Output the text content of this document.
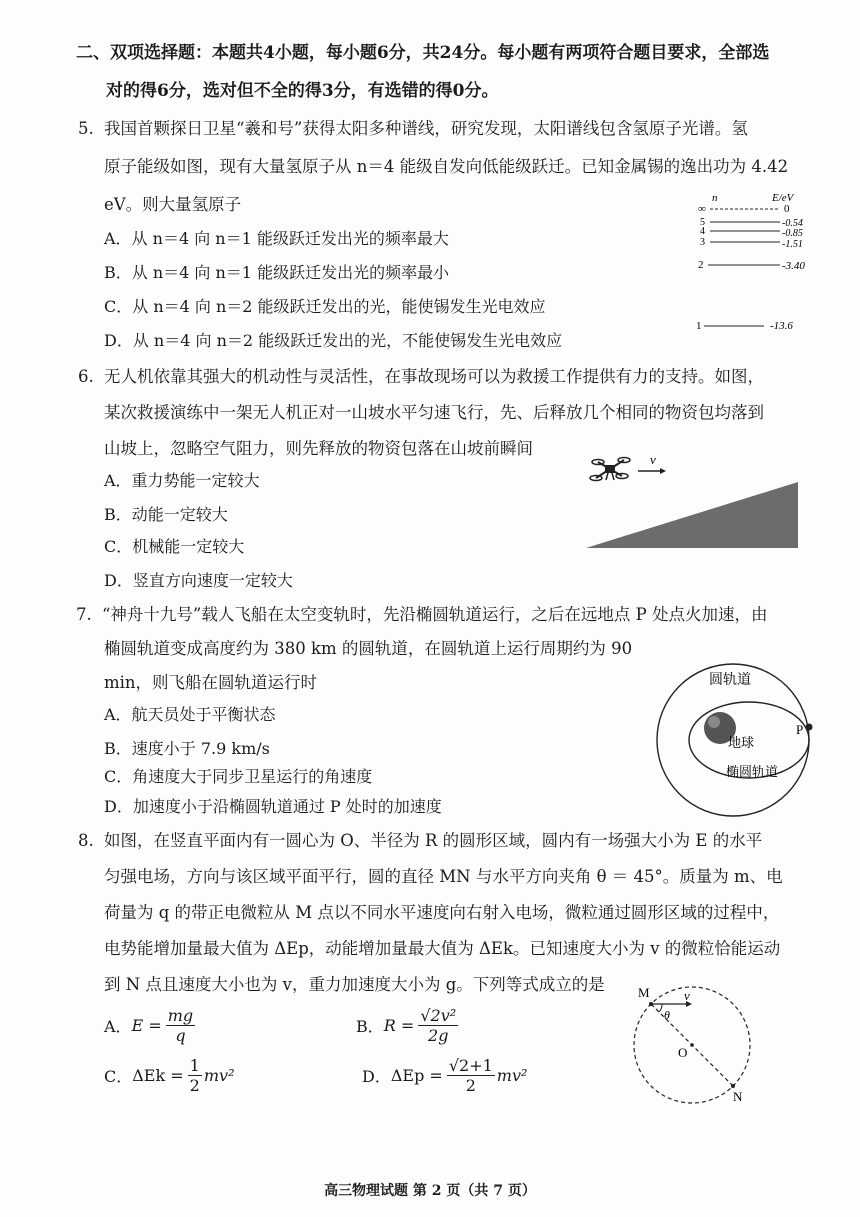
二、双项选择题：本题共4小题，每小题6分，共24分。每小题有两项符合题目要求，全部选
对的得6分，选对但不全的得3分，有选错的得0分。
5. 我国首颗探日卫星“羲和号”获得太阳多种谱线，研究发现，太阳谱线包含氢原子光谱。氢
原子能级如图，现有大量氢原子从 n＝4 能级自发向低能级跃迁。已知金属锡的逸出功为 4.42
eV。则大量氢原子
A．从 n＝4 向 n＝1 能级跃迁发出光的频率最大
B．从 n＝4 向 n＝1 能级跃迁发出光的频率最小
C．从 n＝4 向 n＝2 能级跃迁发出的光，能使锡发生光电效应
D．从 n＝4 向 n＝2 能级跃迁发出的光，不能使锡发生光电效应
n	E/eV
∞	0
5	-0.54
4	-0.85
3	-1.51
2	-3.40
1	-13.6
6. 无人机依靠其强大的机动性与灵活性，在事故现场可以为救援工作提供有力的支持。如图，
某次救援演练中一架无人机正对一山坡水平匀速飞行，先、后释放几个相同的物资包均落到
山坡上，忽略空气阻力，则先释放的物资包落在山坡前瞬间
A．重力势能一定较大
B．动能一定较大
C．机械能一定较大
D．竖直方向速度一定较大
v
7. “神舟十九号”载人飞船在太空变轨时，先沿椭圆轨道运行，之后在远地点 P 处点火加速，由
椭圆轨道变成高度约为 380 km 的圆轨道，在圆轨道上运行周期约为 90
min，则飞船在圆轨道运行时
A．航天员处于平衡状态
B．速度小于 7.9 km/s
C．角速度大于同步卫星运行的角速度
D．加速度小于沿椭圆轨道通过 P 处时的加速度
圆轨道
地球
P
椭圆轨道
8. 如图，在竖直平面内有一圆心为 O、半径为 R 的圆形区域，圆内有一场强大小为 E 的水平
匀强电场，方向与该区域平面平行，圆的直径 MN 与水平方向夹角 θ ＝ 45°。质量为 m、电
荷量为 q 的带正电微粒从 M 点以不同水平速度向右射入电场，微粒通过圆形区域的过程中，
电势能增加量最大值为 ΔEp，动能增加量最大值为 ΔEk。已知速度大小为 v 的微粒恰能运动
到 N 点且速度大小也为 v，重力加速度大小为 g。下列等式成立的是
A． $E = \frac{mg}{q}$	B． $R = \frac{\text{√2v²}}{2g}$
C． $\Delta Ek = \frac{1}{2} mv^2$	D． $\Delta Ep = \frac{√2+1}{2} mv^2$
M	v
θ
O
N
高三物理试题 第 2 页（共 7 页）
